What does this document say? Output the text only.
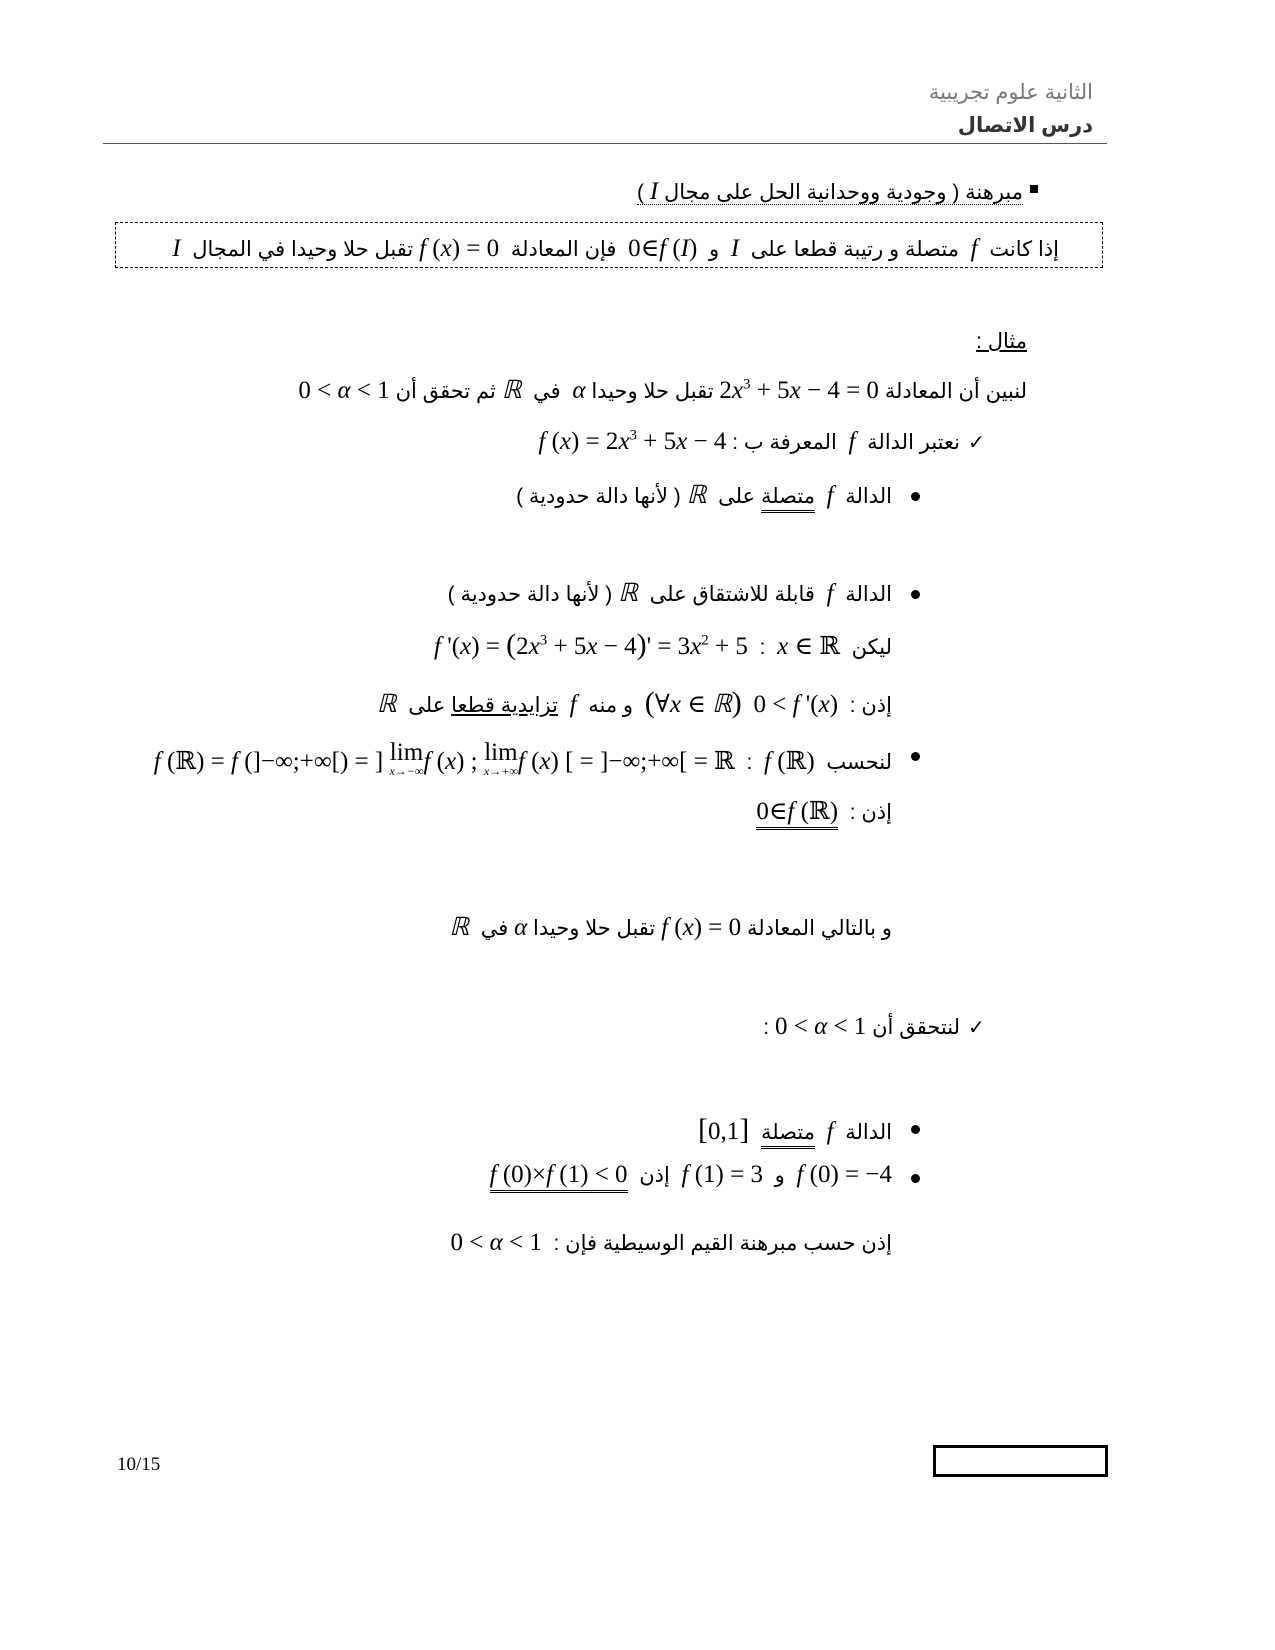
الثانية علوم تجريبية
درس الاتصال
مبرهنة ( وجودية ووحدانية الحل على مجال I )
إذا كانت  f  متصلة و رتيبة قطعا على  I  و  0∈f (I)  فإن المعادلة  f (x) = 0 تقبل حلا وحيدا في المجال  I
مثال :
لنبين أن المعادلة $2x^3 + 5x - 4 = 0$ تقبل حلا وحيدا α  في  ℝ ثم تحقق أن 0 < α < 1
✓
نعتبر الدالة  f  المعرفة ب : f $(x) = 2x^3 + 5x - 4$
الدالة  f  متصلة على  ℝ ( لأنها دالة حدودية )
الدالة  f  قابلة للاشتقاق على  ℝ ( لأنها دالة حدودية )
ليكن  x ∈ ℝ  :  f '$(x) = (2x^3 + 5x - 4)' = 3x^2 + 5$
إذن :  0 < f '(x)  (∀x ∈ ℝ)  و منه  f  تزايدية قطعا على  ℝ
لنحسب  f (ℝ)  :  f (ℝ) = f (]−∞;+∞[) = ] lim
x→−∞ f (x) ; lim
x→+∞ f (x) [ = ]−∞;+∞[ = ℝ
إذن :  0∈f (ℝ)
و بالتالي المعادلة f (x) = 0 تقبل حلا وحيدا α في  ℝ
✓
لنتحقق أن 0 < α < 1 :
الدالة  f  متصلة  [0,1]
f (0) = −4  و  f (1) = 3  إذن  f (0)×f (1) < 0
إذن حسب مبرهنة القيم الوسيطية فإن :  0 < α < 1
10/15
